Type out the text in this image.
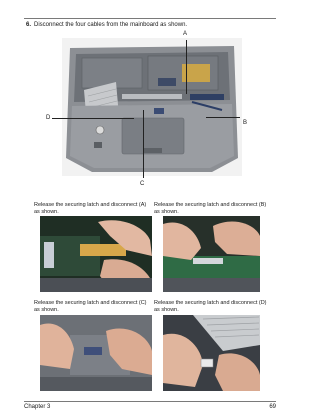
6. Disconnect the four cables from the mainboard as shown.
A
B
C
D
Release the securing latch and disconnect (A) as shown.
Release the securing latch and disconnect (B) as shown.
Release the securing latch and disconnect (C) as shown.
Release the securing latch and disconnect (D) as shown.
Chapter 3	69
